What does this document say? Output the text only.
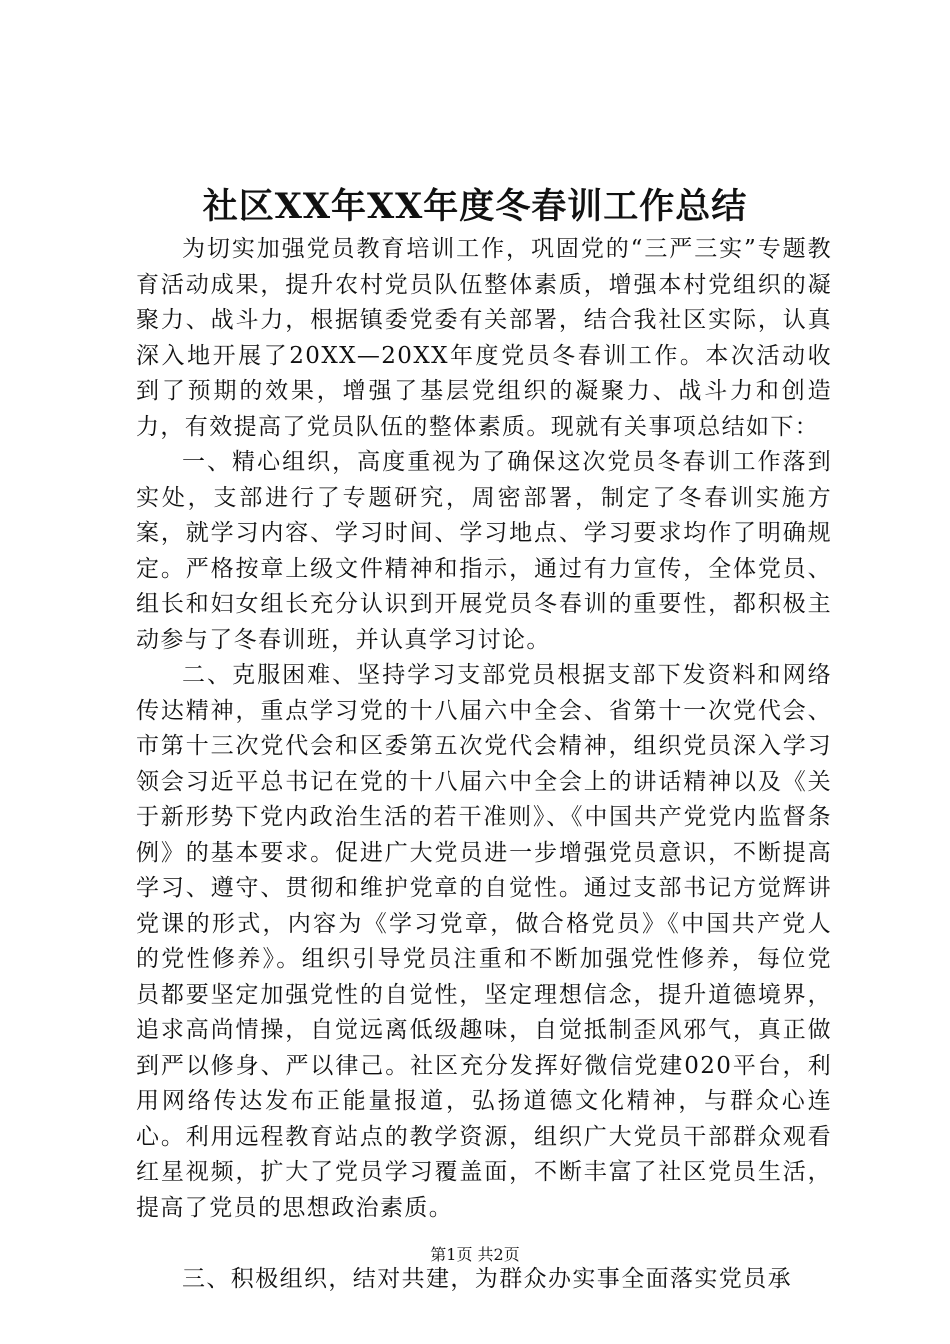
社区XX年XX年度冬春训工作总结

为切实加强党员教育培训工作，巩固党的“三严三实”专题教育活动成果，提升农村党员队伍整体素质，增强本村党组织的凝聚力、战斗力，根据镇委党委有关部署，结合我社区实际，认真深入地开展了20XX—20XX年度党员冬春训工作。本次活动收到了预期的效果，增强了基层党组织的凝聚力、战斗力和创造力，有效提高了党员队伍的整体素质。现就有关事项总结如下：

一、精心组织，高度重视为了确保这次党员冬春训工作落到实处，支部进行了专题研究，周密部署，制定了冬春训实施方案，就学习内容、学习时间、学习地点、学习要求均作了明确规定。严格按章上级文件精神和指示，通过有力宣传，全体党员、组长和妇女组长充分认识到开展党员冬春训的重要性，都积极主动参与了冬春训班，并认真学习讨论。

二、克服困难、坚持学习支部党员根据支部下发资料和网络传达精神，重点学习党的十八届六中全会、省第十一次党代会、市第十三次党代会和区委第五次党代会精神，组织党员深入学习领会习近平总书记在党的十八届六中全会上的讲话精神以及《关于新形势下党内政治生活的若干准则》、《中国共产党党内监督条例》的基本要求。促进广大党员进一步增强党员意识，不断提高学习、遵守、贯彻和维护党章的自觉性。通过支部书记方觉辉讲党课的形式，内容为《学习党章，做合格党员》《中国共产党人的党性修养》。组织引导党员注重和不断加强党性修养，每位党员都要坚定加强党性的自觉性，坚定理想信念，提升道德境界，追求高尚情操，自觉远离低级趣味，自觉抵制歪风邪气，真正做到严以修身、严以律己。社区充分发挥好微信党建020平台，利用网络传达发布正能量报道，弘扬道德文化精神，与群众心连心。利用远程教育站点的教学资源，组织广大党员干部群众观看红星视频，扩大了党员学习覆盖面，不断丰富了社区党员生活，提高了党员的思想政治素质。

三、积极组织，结对共建，为群众办实事全面落实党员承

第1页 共2页
